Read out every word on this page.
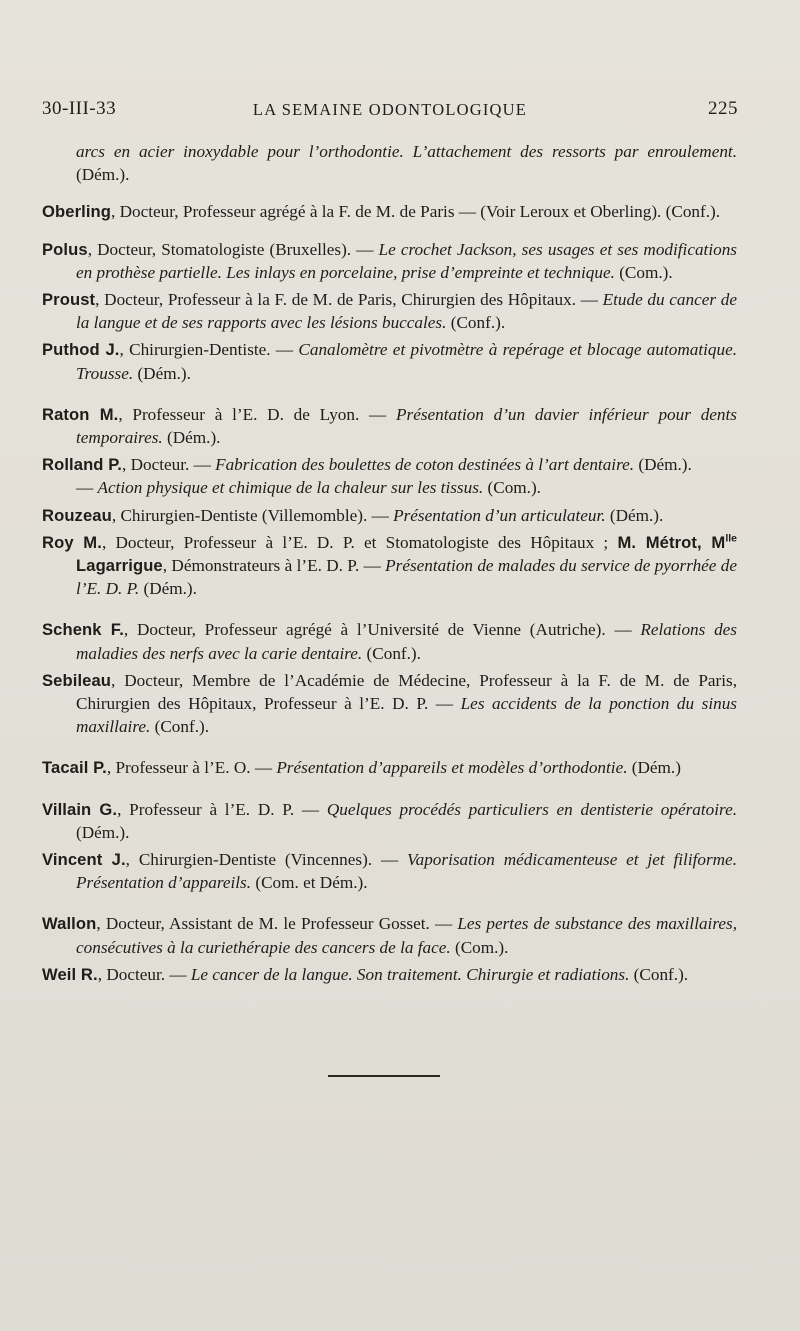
30-III-33	LA SEMAINE ODONTOLOGIQUE	225

arcs en acier inoxydable pour l’orthodontie. L’attachement des ressorts par enroulement. (Dém.).

Oberling, Docteur, Professeur agrégé à la F. de M. de Paris — (Voir Leroux et Oberling). (Conf.).

Polus, Docteur, Stomatologiste (Bruxelles). — Le crochet Jackson, ses usages et ses modifications en prothèse partielle. Les inlays en porcelaine, prise d’empreinte et technique. (Com.).

Proust, Docteur, Professeur à la F. de M. de Paris, Chirurgien des Hôpitaux. — Etude du cancer de la langue et de ses rapports avec les lésions buccales. (Conf.).

Puthod J., Chirurgien-Dentiste. — Canalomètre et pivotmètre à repérage et blocage automatique. Trousse. (Dém.).

Raton M., Professeur à l’E. D. de Lyon. — Présentation d’un davier inférieur pour dents temporaires. (Dém.).

Rolland P., Docteur. — Fabrication des boulettes de coton destinées à l’art dentaire. (Dém.).

— Action physique et chimique de la chaleur sur les tissus. (Com.).

Rouzeau, Chirurgien-Dentiste (Villemomble). — Présentation d’un articulateur. (Dém.).

Roy M., Docteur, Professeur à l’E. D. P. et Stomatologiste des Hôpitaux ; M. Métrot, $M^{lle}$ Lagarrigue, Démonstrateurs à l’E. D. P. — Présentation de malades du service de pyorrhée de l’E. D. P. (Dém.).

Schenk F., Docteur, Professeur agrégé à l’Université de Vienne (Autriche). — Relations des maladies des nerfs avec la carie dentaire. (Conf.).

Sebileau, Docteur, Membre de l’Académie de Médecine, Professeur à la F. de M. de Paris, Chirurgien des Hôpitaux, Professeur à l’E. D. P. — Les accidents de la ponction du sinus maxillaire. (Conf.).

Tacail P., Professeur à l’E. O. — Présentation d’appareils et modèles d’orthodontie. (Dém.)

Villain G., Professeur à l’E. D. P. — Quelques procédés particuliers en dentisterie opératoire. (Dém.).

Vincent J., Chirurgien-Dentiste (Vincennes). — Vaporisation médicamenteuse et jet filiforme. Présentation d’appareils. (Com. et Dém.).

Wallon, Docteur, Assistant de M. le Professeur Gosset. — Les pertes de substance des maxillaires, consécutives à la curiethérapie des cancers de la face. (Com.).

Weil R., Docteur. — Le cancer de la langue. Son traitement. Chirurgie et radiations. (Conf.).
